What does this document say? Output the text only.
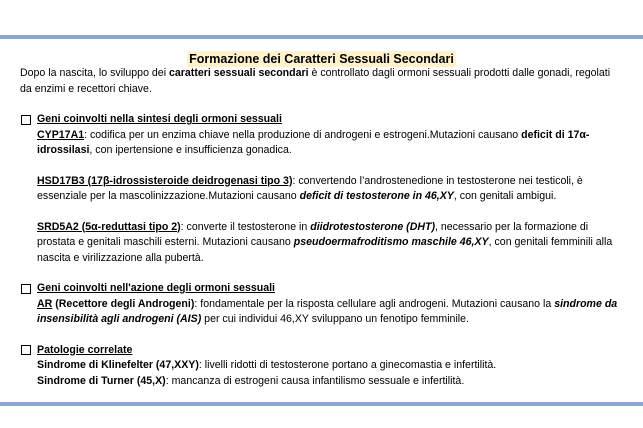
Formazione dei Caratteri Sessuali Secondari

Dopo la nascita, lo sviluppo dei caratteri sessuali secondari è controllato dagli ormoni sessuali prodotti dalle gonadi, regolati da enzimi e recettori chiave.

Geni coinvolti nella sintesi degli ormoni sessuali

CYP17A1: codifica per un enzima chiave nella produzione di androgeni e estrogeni.Mutazioni causano deficit di 17α-idrossilasi, con ipertensione e insufficienza gonadica.

HSD17B3 (17β-idrossisteroide deidrogenasi tipo 3): convertendo l’androstenedione in testosterone nei testicoli, è essenziale per la mascolinizzazione.Mutazioni causano deficit di testosterone in 46,XY, con genitali ambigui.

SRD5A2 (5α-reduttasi tipo 2): converte il testosterone in diidrotestosterone (DHT), necessario per la formazione di prostata e genitali maschili esterni. Mutazioni causano pseudoermafroditismo maschile 46,XY, con genitali femminili alla nascita e virilizzazione alla pubertà.

Geni coinvolti nell'azione degli ormoni sessuali

AR (Recettore degli Androgeni): fondamentale per la risposta cellulare agli androgeni. Mutazioni causano la sindrome da insensibilità agli androgeni (AIS) per cui individui 46,XY sviluppano un fenotipo femminile.

Patologie correlate

Sindrome di Klinefelter (47,XXY): livelli ridotti di testosterone portano a ginecomastia e infertilità.

Sindrome di Turner (45,X): mancanza di estrogeni causa infantilismo sessuale e infertilità.
